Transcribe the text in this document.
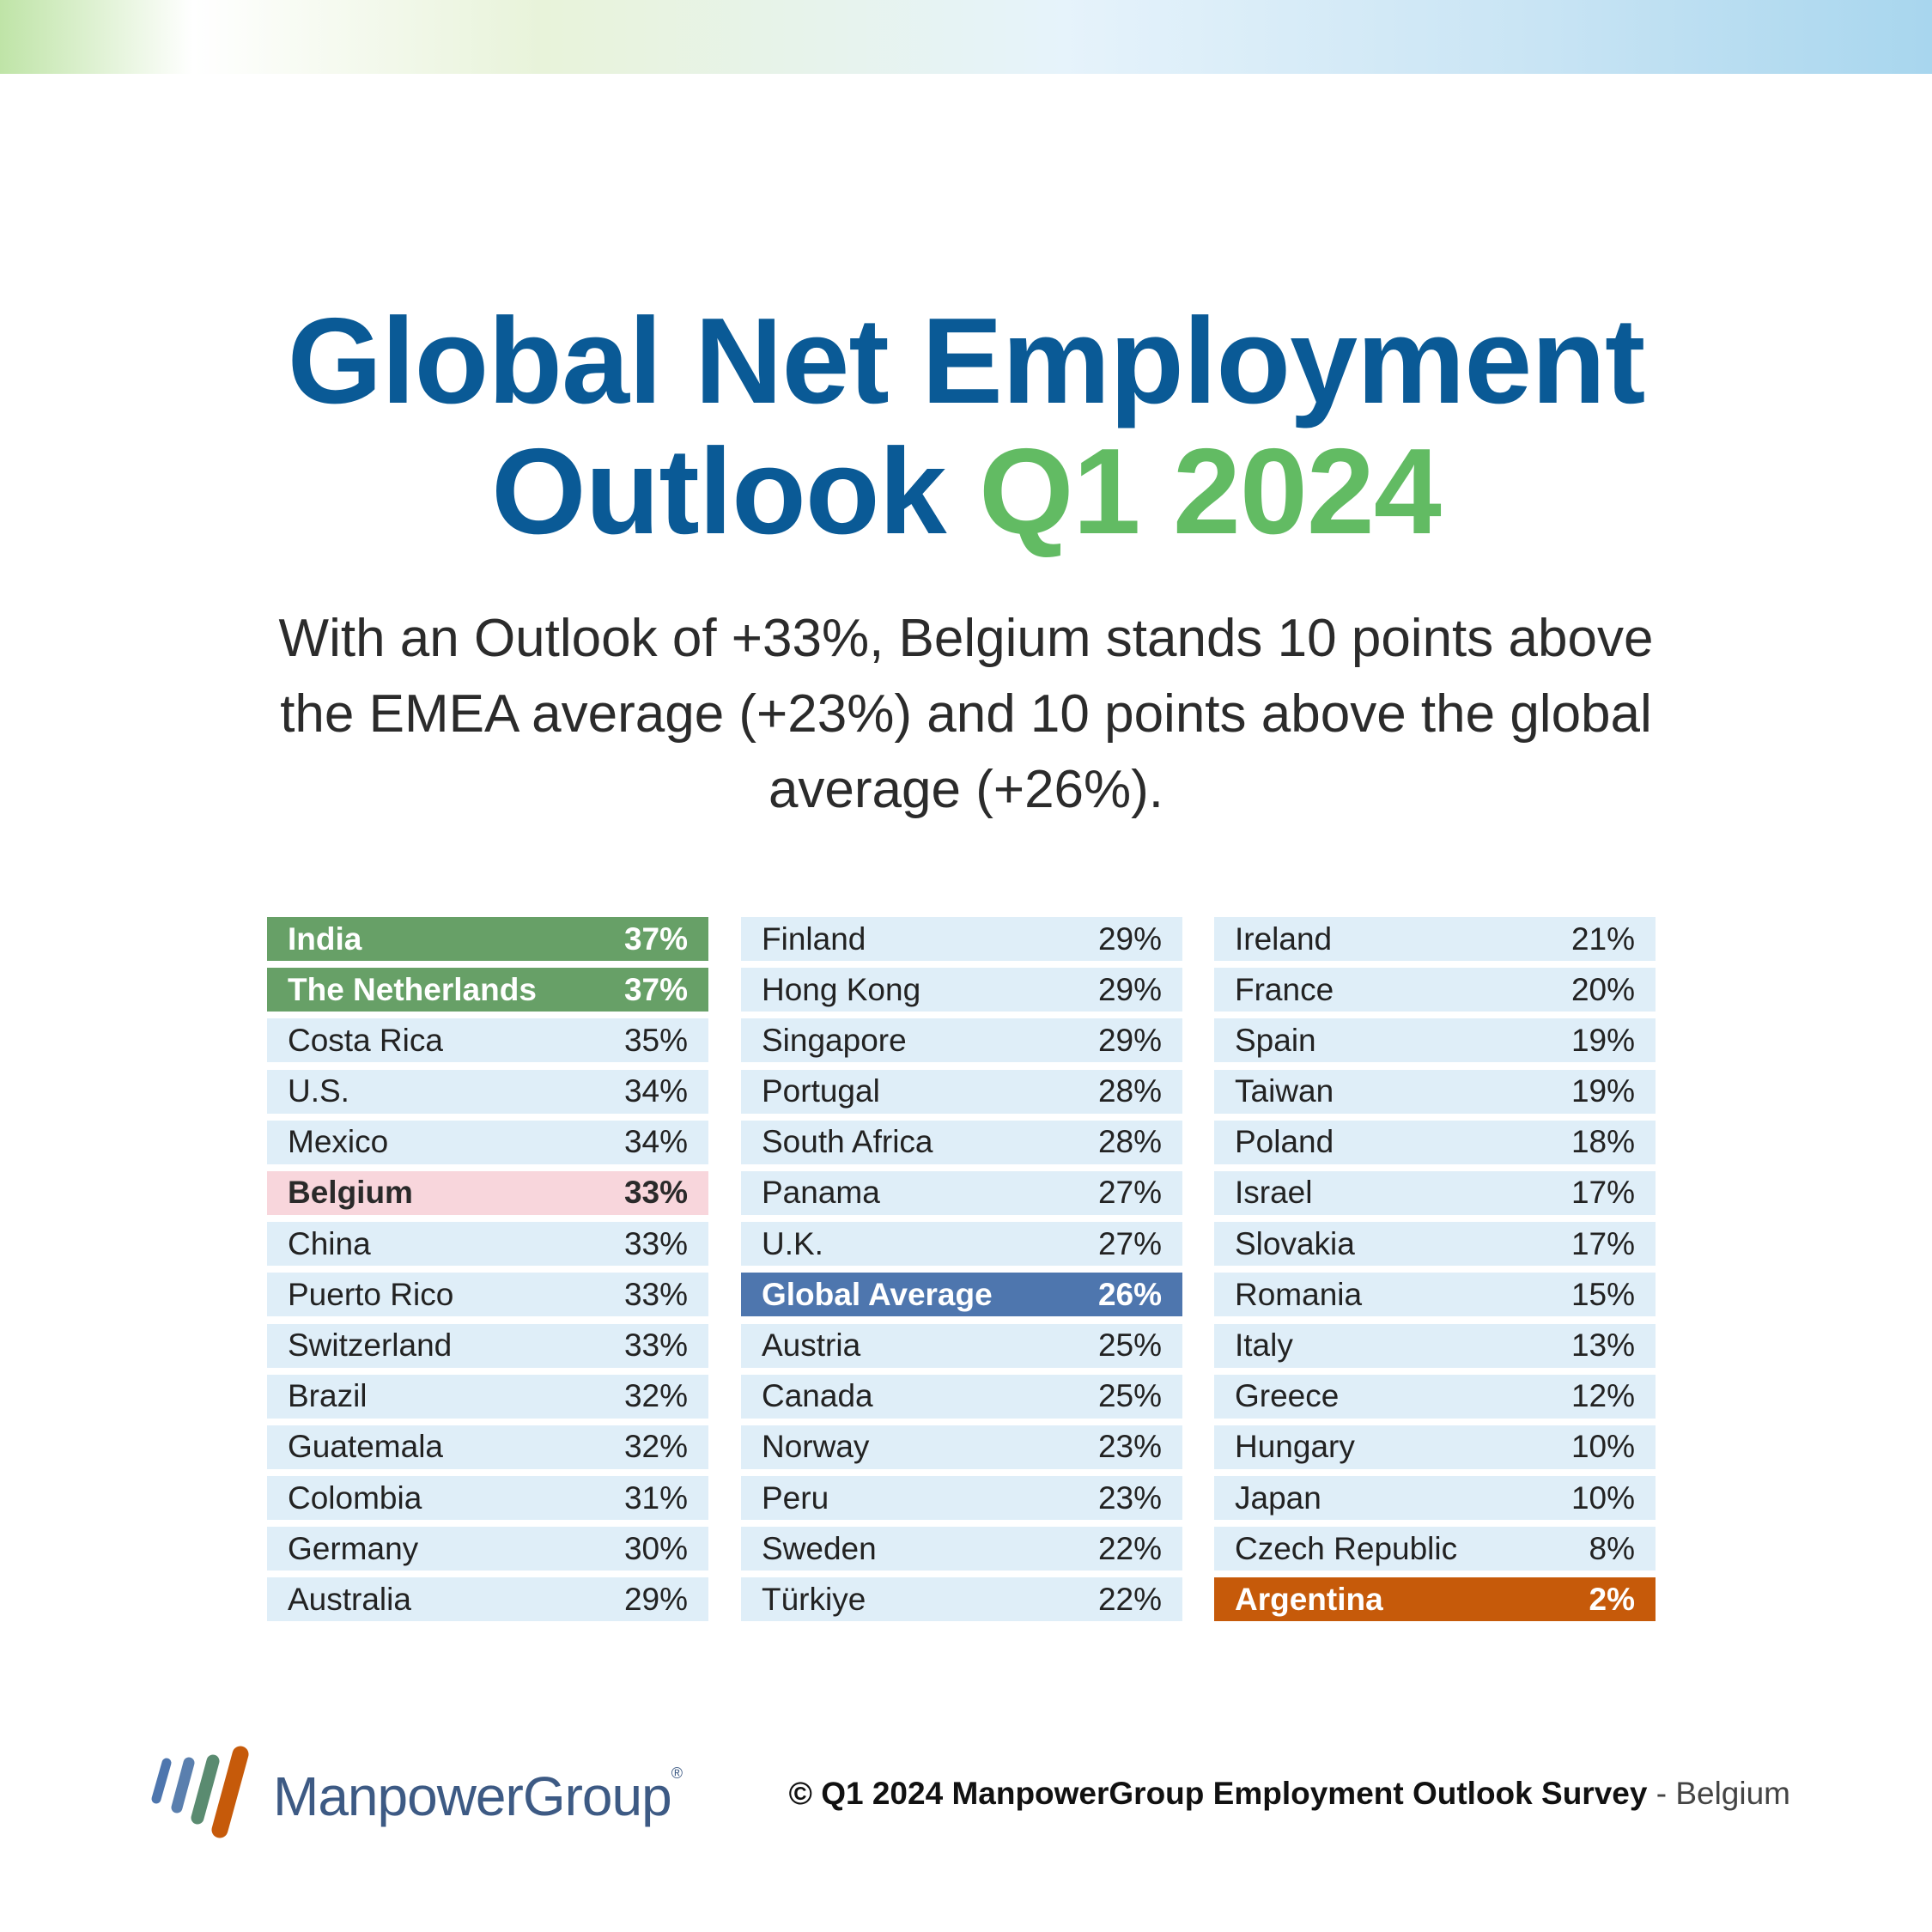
Global Net Employment
Outlook Q1 2024
With an Outlook of +33%, Belgium stands 10 points above the EMEA average (+23%) and 10 points above the global average (+26%).
India	37%
The Netherlands	37%
Costa Rica	35%
U.S.	34%
Mexico	34%
Belgium	33%
China	33%
Puerto Rico	33%
Switzerland	33%
Brazil	32%
Guatemala	32%
Colombia	31%
Germany	30%
Australia	29%
Finland	29%
Hong Kong	29%
Singapore	29%
Portugal	28%
South Africa	28%
Panama	27%
U.K.	27%
Global Average	26%
Austria	25%
Canada	25%
Norway	23%
Peru	23%
Sweden	22%
Türkiye	22%
Ireland	21%
France	20%
Spain	19%
Taiwan	19%
Poland	18%
Israel	17%
Slovakia	17%
Romania	15%
Italy	13%
Greece	12%
Hungary	10%
Japan	10%
Czech Republic	8%
Argentina	2%
ManpowerGroup®
© Q1 2024 ManpowerGroup Employment Outlook Survey - Belgium
